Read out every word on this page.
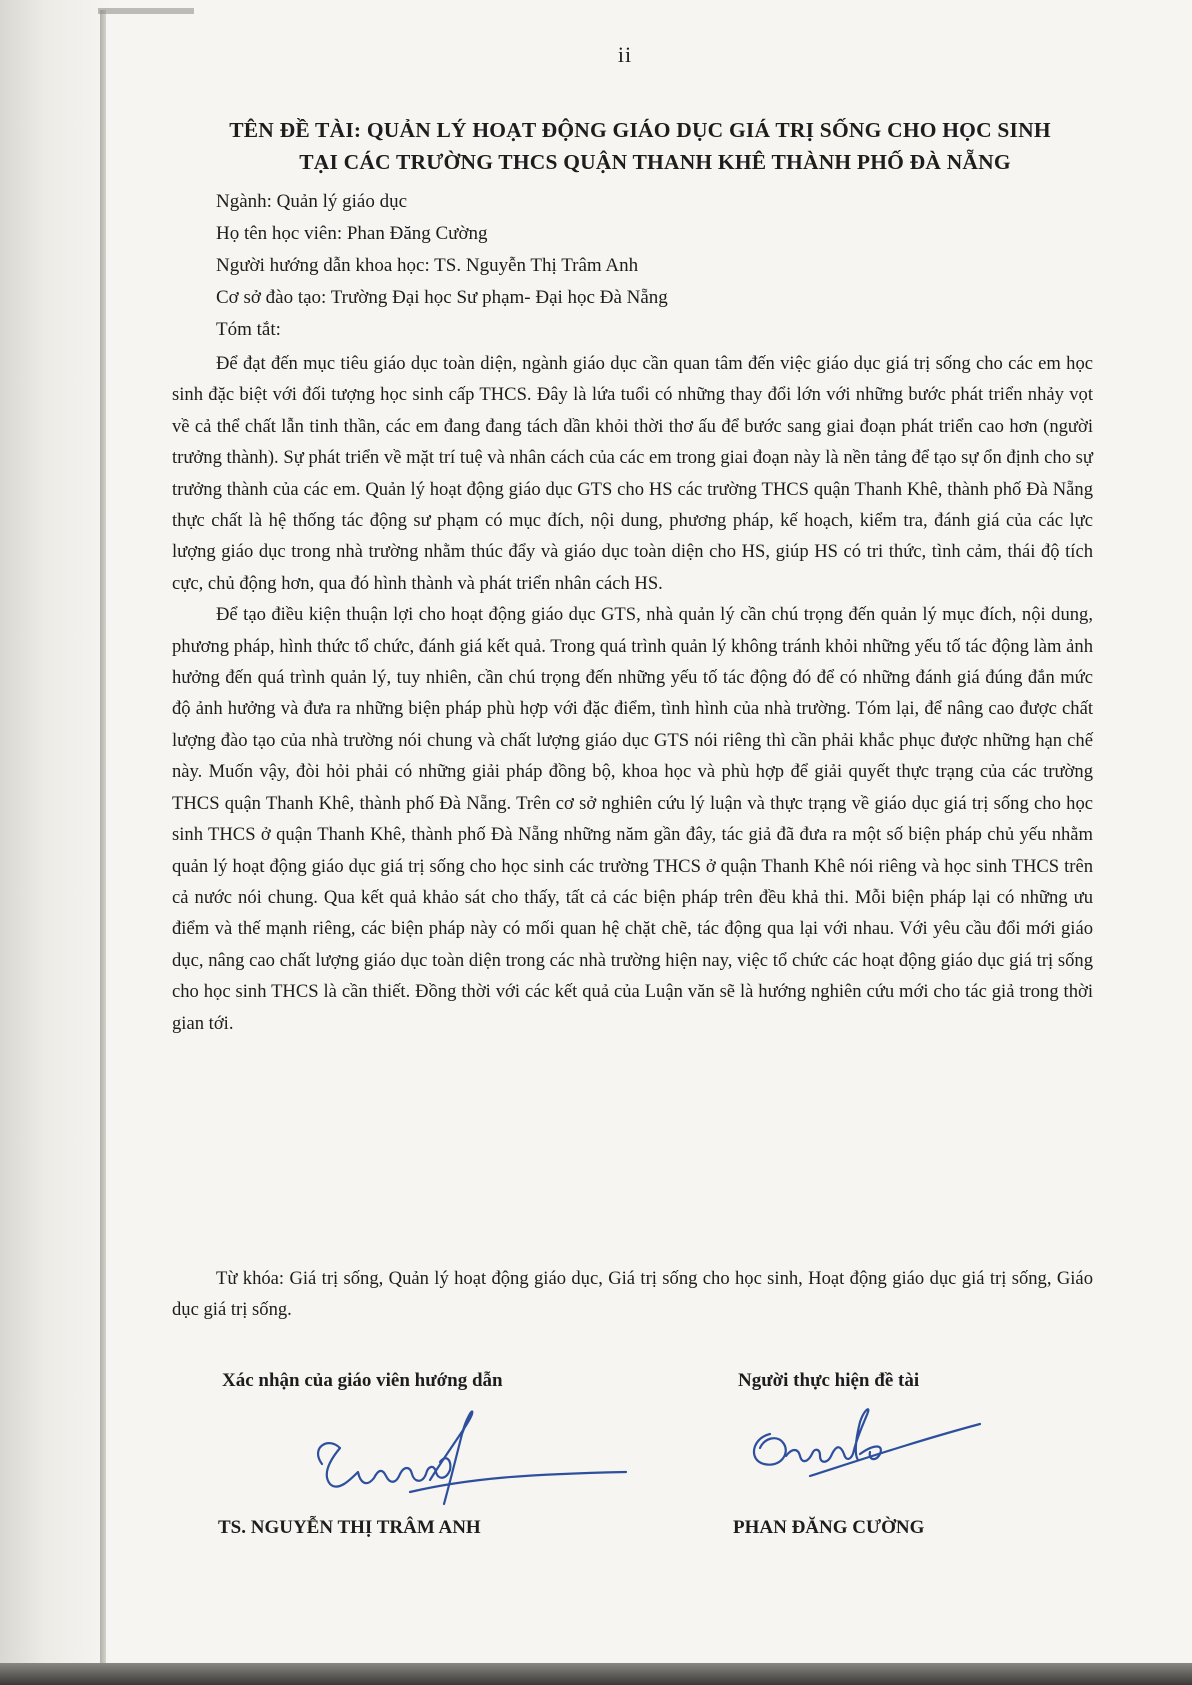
ii
TÊN ĐỀ TÀI: QUẢN LÝ HOẠT ĐỘNG GIÁO DỤC GIÁ TRỊ SỐNG CHO HỌC SINH
TẠI CÁC TRƯỜNG THCS QUẬN THANH KHÊ THÀNH PHỐ ĐÀ NẴNG
Ngành: Quản lý giáo dục
Họ tên học viên: Phan Đăng Cường
Người hướng dẫn khoa học: TS. Nguyễn Thị Trâm Anh
Cơ sở đào tạo: Trường Đại học Sư phạm- Đại học Đà Nẵng
Tóm tắt:

Để đạt đến mục tiêu giáo dục toàn diện, ngành giáo dục cần quan tâm đến việc giáo dục giá trị sống cho các em học sinh đặc biệt với đối tượng học sinh cấp THCS. Đây là lứa tuổi có những thay đổi lớn với những bước phát triển nhảy vọt về cả thể chất lẫn tinh thần, các em đang đang tách dần khỏi thời thơ ấu để bước sang giai đoạn phát triển cao hơn (người trưởng thành). Sự phát triển về mặt trí tuệ và nhân cách của các em trong giai đoạn này là nền tảng để tạo sự ổn định cho sự trưởng thành của các em. Quản lý hoạt động giáo dục GTS cho HS các trường THCS quận Thanh Khê, thành phố Đà Nẵng thực chất là hệ thống tác động sư phạm có mục đích, nội dung, phương pháp, kế hoạch, kiểm tra, đánh giá của các lực lượng giáo dục trong nhà trường nhằm thúc đẩy và giáo dục toàn diện cho HS, giúp HS có tri thức, tình cảm, thái độ tích cực, chủ động hơn, qua đó hình thành và phát triển nhân cách HS.

Để tạo điều kiện thuận lợi cho hoạt động giáo dục GTS, nhà quản lý cần chú trọng đến quản lý mục đích, nội dung, phương pháp, hình thức tổ chức, đánh giá kết quả. Trong quá trình quản lý không tránh khỏi những yếu tố tác động làm ảnh hưởng đến quá trình quản lý, tuy nhiên, cần chú trọng đến những yếu tố tác động đó để có những đánh giá đúng đắn mức độ ảnh hưởng và đưa ra những biện pháp phù hợp với đặc điểm, tình hình của nhà trường. Tóm lại, để nâng cao được chất lượng đào tạo của nhà trường nói chung và chất lượng giáo dục GTS nói riêng thì cần phải khắc phục được những hạn chế này. Muốn vậy, đòi hỏi phải có những giải pháp đồng bộ, khoa học và phù hợp để giải quyết thực trạng của các trường THCS quận Thanh Khê, thành phố Đà Nẵng. Trên cơ sở nghiên cứu lý luận và thực trạng về giáo dục giá trị sống cho học sinh THCS ở quận Thanh Khê, thành phố Đà Nẵng những năm gần đây, tác giả đã đưa ra một số biện pháp chủ yếu nhằm quản lý hoạt động giáo dục giá trị sống cho học sinh các trường THCS ở quận Thanh Khê nói riêng và học sinh THCS trên cả nước nói chung. Qua kết quả khảo sát cho thấy, tất cả các biện pháp trên đều khả thi. Mỗi biện pháp lại có những ưu điểm và thế mạnh riêng, các biện pháp này có mối quan hệ chặt chẽ, tác động qua lại với nhau. Với yêu cầu đổi mới giáo dục, nâng cao chất lượng giáo dục toàn diện trong các nhà trường hiện nay, việc tổ chức các hoạt động giáo dục giá trị sống cho học sinh THCS là cần thiết. Đồng thời với các kết quả của Luận văn sẽ là hướng nghiên cứu mới cho tác giả trong thời gian tới.

Từ khóa: Giá trị sống, Quản lý hoạt động giáo dục, Giá trị sống cho học sinh, Hoạt động giáo dục giá trị sống, Giáo dục giá trị sống.

Xác nhận của giáo viên hướng dẫn	Người thực hiện đề tài
TS. NGUYỄN THỊ TRÂM ANH	PHAN ĐĂNG CƯỜNG
